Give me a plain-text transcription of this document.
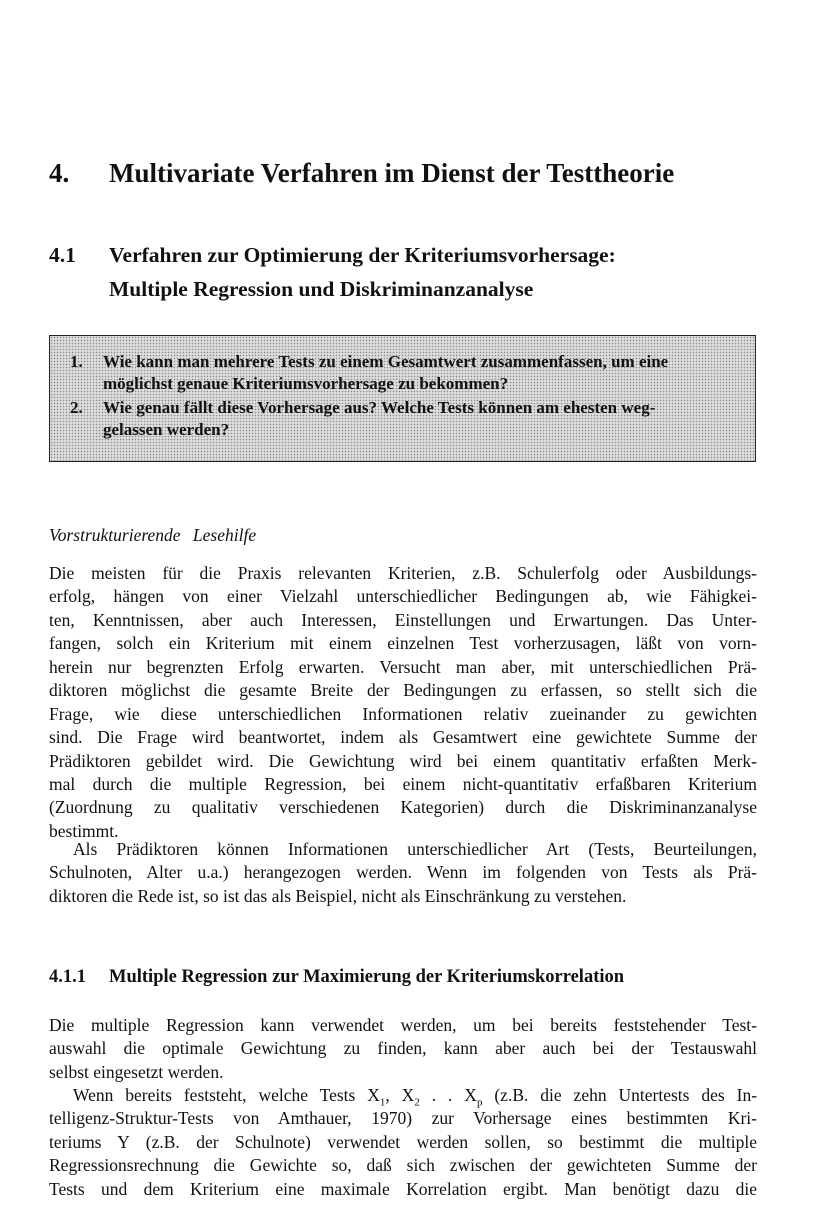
4. Multivariate Verfahren im Dienst der Testtheorie
4.1 Verfahren zur Optimierung der Kriteriumsvorhersage:
Multiple Regression und Diskriminanzanalyse
1. Wie kann man mehrere Tests zu einem Gesamtwert zusammenfassen, um eine
möglichst genaue Kriteriumsvorhersage zu bekommen?
2. Wie genau fällt diese Vorhersage aus? Welche Tests können am ehesten weg-
gelassen werden?
Vorstrukturierende Lesehilfe
Die meisten für die Praxis relevanten Kriterien, z.B. Schulerfolg oder Ausbildungs-
erfolg, hängen von einer Vielzahl unterschiedlicher Bedingungen ab, wie Fähigkei-
ten, Kenntnissen, aber auch Interessen, Einstellungen und Erwartungen. Das Unter-
fangen, solch ein Kriterium mit einem einzelnen Test vorherzusagen, läßt von vorn-
herein nur begrenzten Erfolg erwarten. Versucht man aber, mit unterschiedlichen Prä-
diktoren möglichst die gesamte Breite der Bedingungen zu erfassen, so stellt sich die
Frage, wie diese unterschiedlichen Informationen relativ zueinander zu gewichten
sind. Die Frage wird beantwortet, indem als Gesamtwert eine gewichtete Summe der
Prädiktoren gebildet wird. Die Gewichtung wird bei einem quantitativ erfaßten Merk-
mal durch die multiple Regression, bei einem nicht-quantitativ erfaßbaren Kriterium
(Zuordnung zu qualitativ verschiedenen Kategorien) durch die Diskriminanzanalyse
bestimmt.
Als Prädiktoren können Informationen unterschiedlicher Art (Tests, Beurteilungen,
Schulnoten, Alter u.a.) herangezogen werden. Wenn im folgenden von Tests als Prä-
diktoren die Rede ist, so ist das als Beispiel, nicht als Einschränkung zu verstehen.
4.1.1 Multiple Regression zur Maximierung der Kriteriumskorrelation
Die multiple Regression kann verwendet werden, um bei bereits feststehender Test-
auswahl die optimale Gewichtung zu finden, kann aber auch bei der Testauswahl
selbst eingesetzt werden.
Wenn bereits feststeht, welche Tests $X_1$, $X_2$ . . $X_p$ (z.B. die zehn Untertests des In-
telligenz-Struktur-Tests von Amthauer, 1970) zur Vorhersage eines bestimmten Kri-
teriums Y (z.B. der Schulnote) verwendet werden sollen, so bestimmt die multiple
Regressionsrechnung die Gewichte so, daß sich zwischen der gewichteten Summe der
Tests und dem Kriterium eine maximale Korrelation ergibt. Man benötigt dazu die
